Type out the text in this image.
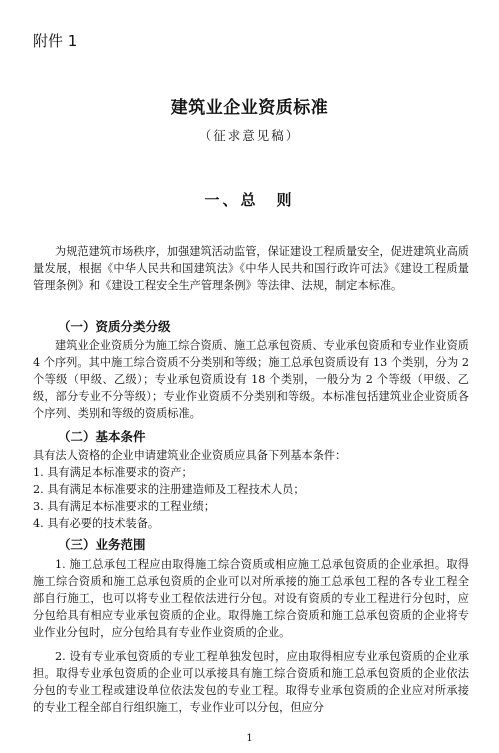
附件 1
建筑业企业资质标准
（征求意见稿）
一、总　则

为规范建筑市场秩序，加强建筑活动监管，保证建设工程质量安全，促进建筑业高质量发展，根据《中华人民共和国建筑法》《中华人民共和国行政许可法》《建设工程质量管理条例》和《建设工程安全生产管理条例》等法律、法规，制定本标准。

（一）资质分类分级

建筑业企业资质分为施工综合资质、施工总承包资质、专业承包资质和专业作业资质 4 个序列。其中施工综合资质不分类别和等级；施工总承包资质设有 13 个类别，分为 2 个等级（甲级、乙级）；专业承包资质设有 18 个类别，一般分为 2 个等级（甲级、乙级，部分专业不分等级）；专业作业资质不分类别和等级。本标准包括建筑业企业资质各个序列、类别和等级的资质标准。

（二）基本条件

具有法人资格的企业申请建筑业企业资质应具备下列基本条件：

1. 具有满足本标准要求的资产；
2. 具有满足本标准要求的注册建造师及工程技术人员；
3. 具有满足本标准要求的工程业绩；
4. 具有必要的技术装备。
（三）业务范围

1. 施工总承包工程应由取得施工综合资质或相应施工总承包资质的企业承担。取得施工综合资质和施工总承包资质的企业可以对所承接的施工总承包工程的各专业工程全部自行施工，也可以将专业工程依法进行分包。对设有资质的专业工程进行分包时，应分包给具有相应专业承包资质的企业。取得施工综合资质和施工总承包资质的企业将专业作业分包时，应分包给具有专业作业资质的企业。

2. 设有专业承包资质的专业工程单独发包时，应由取得相应专业承包资质的企业承担。取得专业承包资质的企业可以承接具有施工综合资质和施工总承包资质的企业依法分包的专业工程或建设单位依法发包的专业工程。取得专业承包资质的企业应对所承接的专业工程全部自行组织施工，专业作业可以分包，但应分

1
